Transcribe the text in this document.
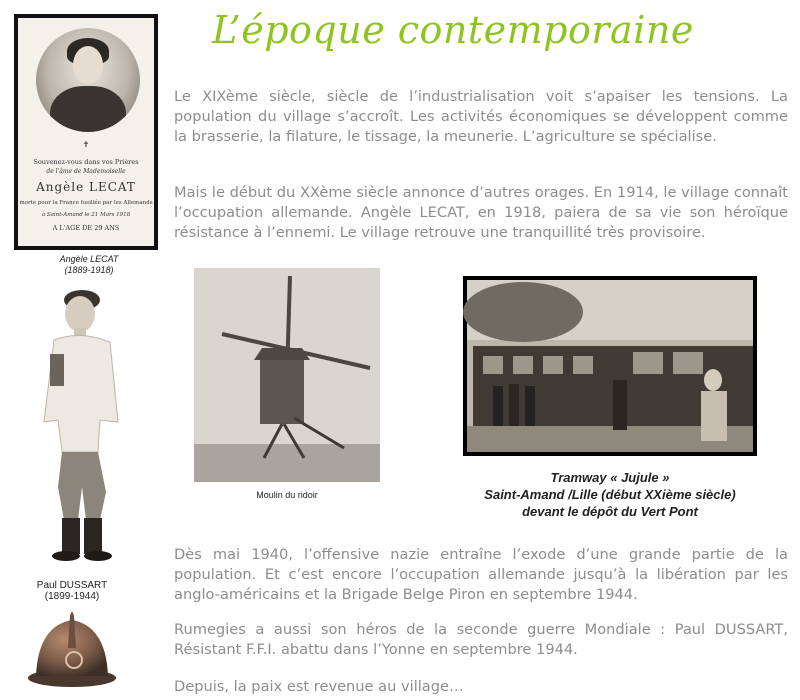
L’époque contemporaine
✝
Souvenez-vous dans vos Prières
de l'âme de Mademoiselle
Angèle LECAT
morte pour la France fusillée par les Allemands
à Saint-Amand le 21 Mars 1918
A L'AGE DE 29 ANS
Angèle LECAT
(1889-1918)
Le XIXème siècle, siècle de l’industrialisation voit s’apaiser les tensions. La population du village s’accroît. Les activités économiques se développent comme la brasserie, la filature, le tissage, la meunerie. L’agriculture se spécialise.
Mais le début du XXème siècle annonce d’autres orages. En 1914, le village connaît l’occupation allemande. Angèle LECAT, en 1918, paiera de sa vie son héroïque résistance à l’ennemi. Le village retrouve une tranquillité très provisoire.
Paul DUSSART
(1899-1944)
Moulin du ridoir
Tramway « Jujule »
Saint-Amand /Lille (début XXième siècle)
devant le dépôt du Vert Pont
Dès mai 1940, l’offensive nazie entraîne l’exode d’une grande partie de la population. Et c’est encore l’occupation allemande jusqu’à la libération par les anglo-américains et la Brigade Belge Piron en septembre 1944.
Rumegies a aussi son héros de la seconde guerre Mondiale : Paul DUSSART, Résistant F.F.I. abattu dans l’Yonne en septembre 1944.
Depuis, la paix est revenue au village…
